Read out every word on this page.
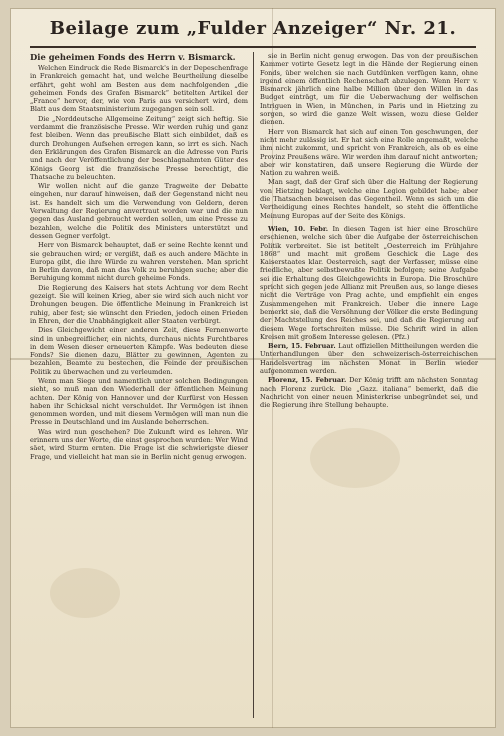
Beilage zum „Fulder Anzeiger“ Nr. 21.
Die geheimen Fonds des Herrn v. Bismarck.

Welchen Eindruck die Rede Bismarck's in der Depeschenfrage in Frankreich gemacht hat, und welche Beurtheilung dieselbe erfährt, geht wohl am Besten aus dem nachfolgenden „die geheimen Fonds des Grafen Bismarck“ betitelten Artikel der „France“ hervor, der, wie von Paris aus versichert wird, dem Blatt aus dem Staatsministerium zugegangen sein soll.

Die „Norddeutsche Allgemeine Zeitung“ zeigt sich heftig. Sie verdammt die französische Presse. Wir werden ruhig und ganz fest bleiben. Wenn das preußische Blatt sich einbildet, daß es durch Drohungen Aufsehen erregen kann, so irrt es sich. Nach den Erklärungen des Grafen Bismarck an die Adresse von Paris und nach der Veröffentlichung der beschlagnahmten Güter des Königs Georg ist die französische Presse berechtigt, die Thatsache zu beleuchten.

Wir wollen nicht auf die ganze Tragweite der Debatte eingehen, nur darauf hinweisen, daß der Gegenstand nicht neu ist. Es handelt sich um die Verwendung von Geldern, deren Verwaltung der Regierung anvertraut worden war und die nun gegen das Ausland gebraucht werden sollen, um eine Presse zu bezahlen, welche die Politik des Ministers unterstützt und dessen Gegner verfolgt.

Herr von Bismarck behauptet, daß er seine Rechte kennt und sie gebrauchen wird; er vergißt, daß es auch andere Mächte in Europa gibt, die ihre Würde zu wahren verstehen. Man spricht in Berlin davon, daß man das Volk zu beruhigen suche; aber die Beruhigung kommt nicht durch geheime Fonds.

Die Regierung des Kaisers hat stets Achtung vor dem Recht gezeigt. Sie will keinen Krieg, aber sie wird sich auch nicht vor Drohungen beugen. Die öffentliche Meinung in Frankreich ist ruhig, aber fest; sie wünscht den Frieden, jedoch einen Frieden in Ehren, der die Unabhängigkeit aller Staaten verbürgt.

Dies Gleichgewicht einer anderen Zeit, diese Fernenworte sind in unbegreiflicher, ein nichts, durchaus nichts Furchtbares in dem Wesen dieser erneuerten Kämpfe. Was bedeuten diese Fonds? Sie dienen dazu, Blätter zu gewinnen, Agenten zu bezahlen, Beamte zu bestechen, die Feinde der preußischen Politik zu überwachen und zu verleumden.

Wenn man Siege und namentlich unter solchen Bedingungen sieht, so muß man den Wiederhall der öffentlichen Meinung achten. Der König von Hannover und der Kurfürst von Hessen haben ihr Schicksal nicht verschuldet. Ihr Vermögen ist ihnen genommen worden, und mit diesem Vermögen will man nun die Presse in Deutschland und im Auslande beherrschen.

Was wird nun geschehen? Die Zukunft wird es lehren. Wir erinnern uns der Worte, die einst gesprochen wurden: Wer Wind säet, wird Sturm ernten. Die Frage ist die schwierigste dieser Frage, und vielleicht hat man sie in Berlin nicht genug erwogen.

sie in Berlin nicht genug erwogen. Das von der preußischen Kammer votirte Gesetz legt in die Hände der Regierung einen Fonds, über welchen sie nach Gutdünken verfügen kann, ohne irgend einem öffentlich Rechenschaft abzulegen. Wenn Herr v. Bismarck jährlich eine halbe Million über den Willen in das Budget einträgt, um für die Ueberwachung der welfischen Intriguen in Wien, in München, in Paris und in Hietzing zu sorgen, so wird die ganze Welt wissen, wozu diese Gelder dienen.

Herr von Bismarck hat sich auf einen Ton geschwungen, der nicht mehr zulässig ist. Er hat sich eine Rolle angemaßt, welche ihm nicht zukommt, und spricht von Frankreich, als ob es eine Provinz Preußens wäre. Wir werden ihm darauf nicht antworten; aber wir konstatiren, daß unsere Regierung die Würde der Nation zu wahren weiß.

Man sagt, daß der Graf sich über die Haltung der Regierung von Hietzing beklagt, welche eine Legion gebildet habe; aber die Thatsachen beweisen das Gegentheil. Wenn es sich um die Vertheidigung eines Rechtes handelt, so steht die öffentliche Meinung Europas auf der Seite des Königs.

Wien, 10. Febr. In diesen Tagen ist hier eine Broschüre erschienen, welche sich über die Aufgabe der österreichischen Politik verbreitet. Sie ist betitelt „Oesterreich im Frühjahre 1868“ und macht mit großem Geschick die Lage des Kaiserstaates klar. Oesterreich, sagt der Verfasser, müsse eine friedliche, aber selbstbewußte Politik befolgen; seine Aufgabe sei die Erhaltung des Gleichgewichts in Europa. Die Broschüre spricht sich gegen jede Allianz mit Preußen aus, so lange dieses nicht die Verträge von Prag achte, und empfiehlt ein enges Zusammengehen mit Frankreich. Ueber die innere Lage bemerkt sie, daß die Versöhnung der Völker die erste Bedingung der Machtstellung des Reiches sei, und daß die Regierung auf diesem Wege fortschreiten müsse. Die Schrift wird in allen Kreisen mit großem Interesse gelesen. (Pfz.)

Bern, 15. Februar. Laut offiziellen Mittheilungen werden die Unterhandlungen über den schweizerisch-österreichischen Handelsvertrag im nächsten Monat in Berlin wieder aufgenommen werden.

Florenz, 15. Februar. Der König trifft am nächsten Sonntag nach Florenz zurück. Die „Gazz. italiana“ bemerkt, daß die Nachricht von einer neuen Ministerkrise unbegründet sei, und die Regierung ihre Stellung behaupte.
